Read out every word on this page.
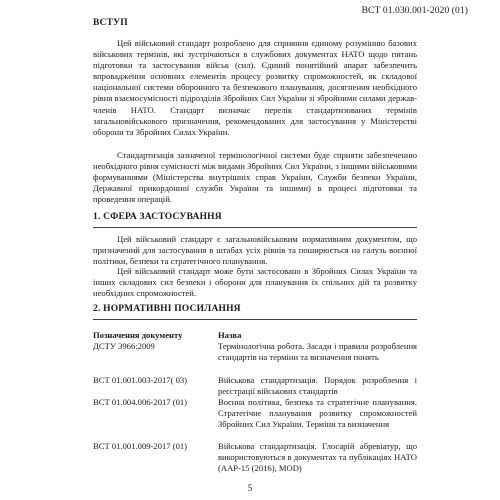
ВСТ 01.030.001-2020 (01)
ВСТУП
Цей військовий стандарт розроблено для сприяння єдиному розумінню базових військових термінів, які зустрічаються в службових документах НАТО щодо питань підготовки та застосування військ (сил). Єдиний понятійний апарат забезпечить впровадження основних елементів процесу розвитку спроможностей, як складової національної системи оборонного та безпекового планування, досягнення необхідного рівня взаємосумісності підрозділів Збройних Сил України зі збройними силами держав-членів НАТО. Стандарт визначає перелік стандартизованих термінів загальновійськового призначення, рекомендованих для застосування у Міністерстві оборони та Збройних Силах України.
Стандартизація зазначеної термінологічної системи буде сприяти забезпеченню необхідного рівня сумісності між видами Збройних Сил України, з іншими військовими формуваннями (Міністерства внутрішніх справ України, Служби безпеки України, Державної прикордонної служби України та іншими) в процесі підготовки та проведення операцій.
1. СФЕРА ЗАСТОСУВАННЯ
Цей військовий стандарт є загальновійськовим нормативним документом, що призначений для застосування в штабах усіх рівнів та поширюється на галузь воєнної політики, безпеки та стратегічного планування.
Цей військовий стандарт може бути застосовано в Збройних Силах України та інших складових сил безпеки і оборони для планування їх спільних дій та розвитку необхідних спроможностей.
2. НОРМАТИВНІ ПОСИЛАННЯ
Позначення документу	Назва
ДСТУ 3966:2009	Термінологічна робота. Засади і правила розроблення стандартів на терміни та визначення понять
ВСТ 01.001.003-2017( 03)	Військова стандартизація. Порядок розроблення і реєстрації військових стандартів
ВСТ 01.004.006-2017 (01)	Воєнна політика, безпека та стратегічне планування. Стратегічне планування розвитку спроможностей Збройних Сил України. Терміни та визначення
ВСТ 01.001.009-2017 (01)	Військова стандартизація. Глосарій абревіатур, що використовуються в документах та публікаціях НАТО (AAP-15 (2016), MOD)
5
